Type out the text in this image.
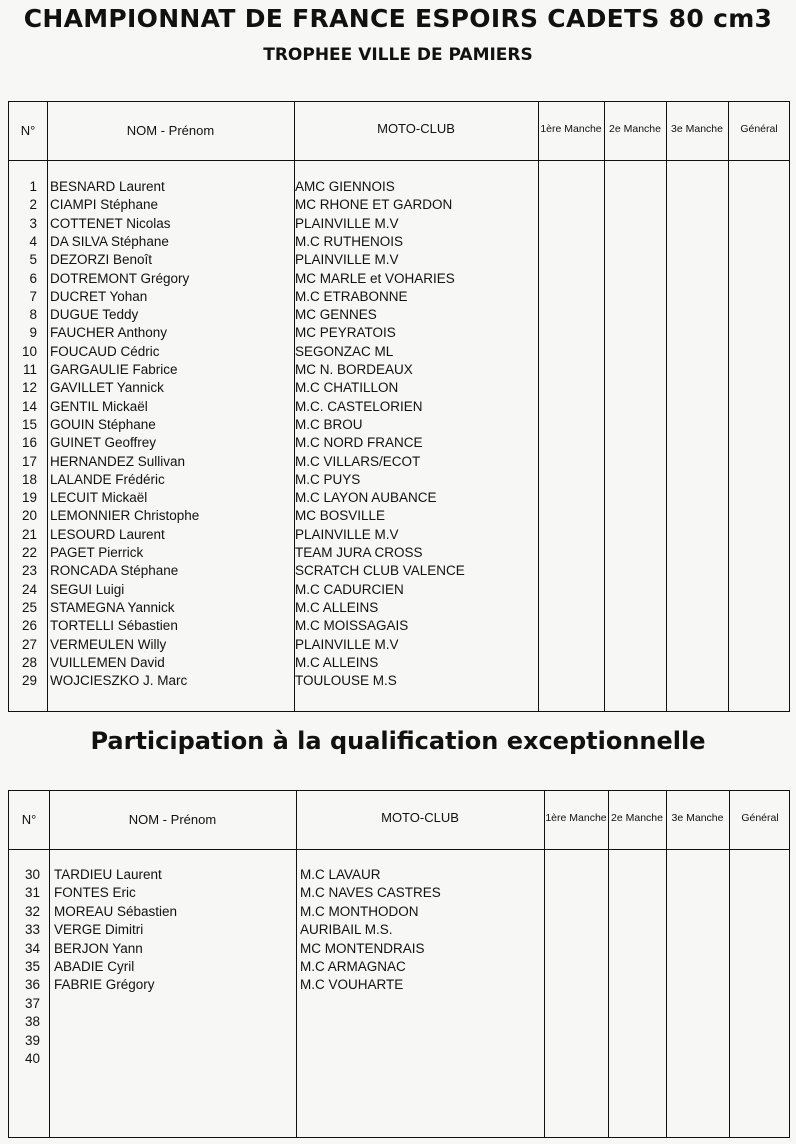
CHAMPIONNAT DE FRANCE ESPOIRS CADETS 80 cm3
TROPHEE VILLE DE PAMIERS
N°	NOM - Prénom	MOTO-CLUB	1ère Manche 2e Manche 3e Manche	Général
1 BESNARD Laurent	AMC GIENNOIS
2 CIAMPI Stéphane	MC RHONE ET GARDON
3 COTTENET Nicolas	PLAINVILLE M.V
4 DA SILVA Stéphane	M.C RUTHENOIS
5 DEZORZI Benoît	PLAINVILLE M.V
6 DOTREMONT Grégory	MC MARLE et VOHARIES
7 DUCRET Yohan	M.C ETRABONNE
8 DUGUE Teddy	MC GENNES
9 FAUCHER Anthony	MC PEYRATOIS
10 FOUCAUD Cédric	SEGONZAC ML
11 GARGAULIE Fabrice	MC N. BORDEAUX
12 GAVILLET Yannick	M.C CHATILLON
14 GENTIL Mickaël	M.C. CASTELORIEN
15 GOUIN Stéphane	M.C BROU
16 GUINET Geoffrey	M.C NORD FRANCE
17 HERNANDEZ Sullivan	M.C VILLARS/ECOT
18 LALANDE Frédéric	M.C PUYS
19 LECUIT Mickaël	M.C LAYON AUBANCE
20 LEMONNIER Christophe	MC BOSVILLE
21 LESOURD Laurent	PLAINVILLE M.V
22 PAGET Pierrick	TEAM JURA CROSS
23 RONCADA Stéphane	SCRATCH CLUB VALENCE
24 SEGUI Luigi	M.C CADURCIEN
25 STAMEGNA Yannick	M.C ALLEINS
26 TORTELLI Sébastien	M.C MOISSAGAIS
27 VERMEULEN Willy	PLAINVILLE M.V
28 VUILLEMEN David	M.C ALLEINS
29 WOJCIESZKO J. Marc	TOULOUSE M.S
Participation à la qualification exceptionnelle
N°	NOM - Prénom	MOTO-CLUB	1ère Manche 2e Manche 3e Manche	Général
30 TARDIEU Laurent	M.C LAVAUR
31 FONTES Eric	M.C NAVES CASTRES
32 MOREAU Sébastien	M.C MONTHODON
33 VERGE Dimitri	AURIBAIL M.S.
34 BERJON Yann	MC MONTENDRAIS
35 ABADIE Cyril	M.C ARMAGNAC
36 FABRIE Grégory	M.C VOUHARTE
37
38
39
40
